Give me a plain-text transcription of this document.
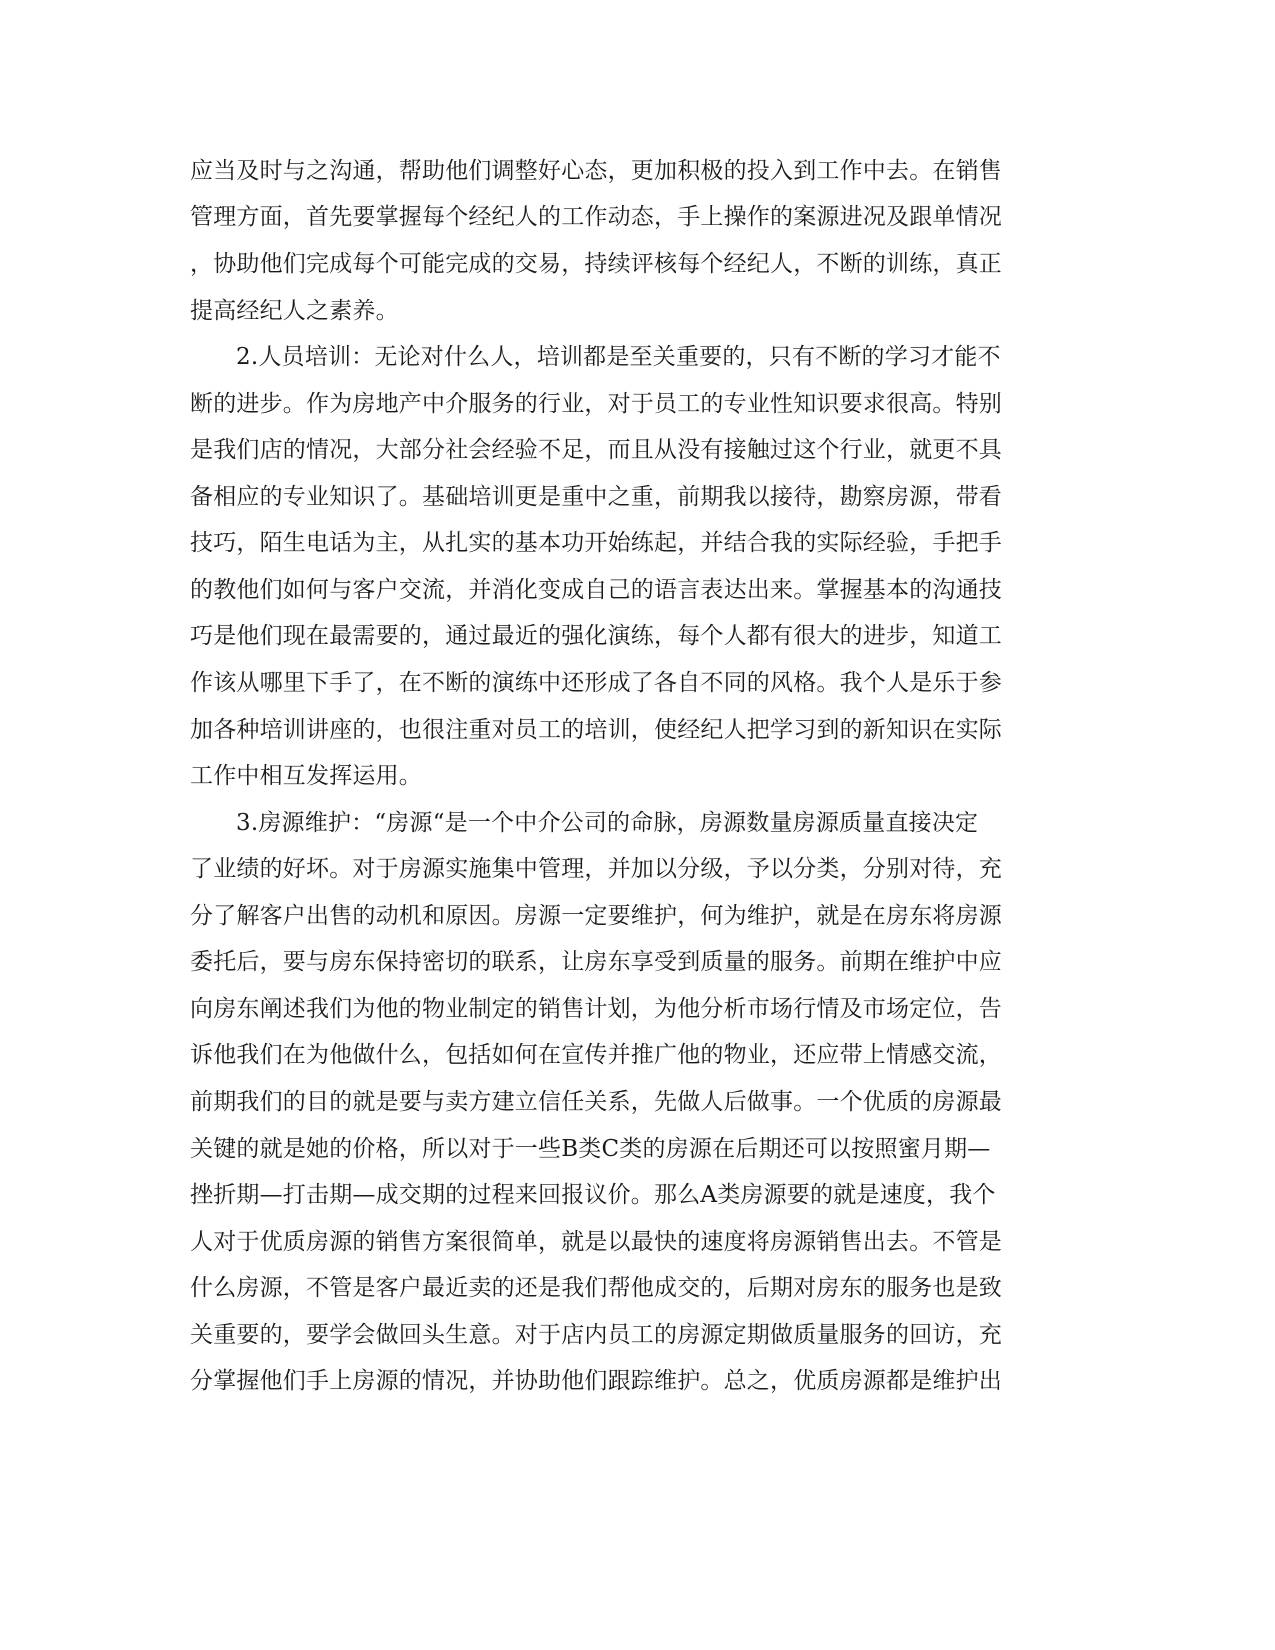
应当及时与之沟通，帮助他们调整好心态，更加积极的投入到工作中去。在销售
管理方面，首先要掌握每个经纪人的工作动态，手上操作的案源进况及跟单情况
，协助他们完成每个可能完成的交易，持续评核每个经纪人，不断的训练，真正
提高经纪人之素养。
2.人员培训：无论对什么人，培训都是至关重要的，只有不断的学习才能不
断的进步。作为房地产中介服务的行业，对于员工的专业性知识要求很高。特别
是我们店的情况，大部分社会经验不足，而且从没有接触过这个行业，就更不具
备相应的专业知识了。基础培训更是重中之重，前期我以接待，勘察房源，带看
技巧，陌生电话为主，从扎实的基本功开始练起，并结合我的实际经验，手把手
的教他们如何与客户交流，并消化变成自己的语言表达出来。掌握基本的沟通技
巧是他们现在最需要的，通过最近的强化演练，每个人都有很大的进步，知道工
作该从哪里下手了，在不断的演练中还形成了各自不同的风格。我个人是乐于参
加各种培训讲座的，也很注重对员工的培训，使经纪人把学习到的新知识在实际
工作中相互发挥运用。
3.房源维护：“房源“是一个中介公司的命脉，房源数量房源质量直接决定
了业绩的好坏。对于房源实施集中管理，并加以分级，予以分类，分别对待，充
分了解客户出售的动机和原因。房源一定要维护，何为维护，就是在房东将房源
委托后，要与房东保持密切的联系，让房东享受到质量的服务。前期在维护中应
向房东阐述我们为他的物业制定的销售计划，为他分析市场行情及市场定位，告
诉他我们在为他做什么，包括如何在宣传并推广他的物业，还应带上情感交流，
前期我们的目的就是要与卖方建立信任关系，先做人后做事。一个优质的房源最
关键的就是她的价格，所以对于一些B类C类的房源在后期还可以按照蜜月期—
挫折期—打击期—成交期的过程来回报议价。那么A类房源要的就是速度，我个
人对于优质房源的销售方案很简单，就是以最快的速度将房源销售出去。不管是
什么房源，不管是客户最近卖的还是我们帮他成交的，后期对房东的服务也是致
关重要的，要学会做回头生意。对于店内员工的房源定期做质量服务的回访，充
分掌握他们手上房源的情况，并协助他们跟踪维护。总之，优质房源都是维护出
